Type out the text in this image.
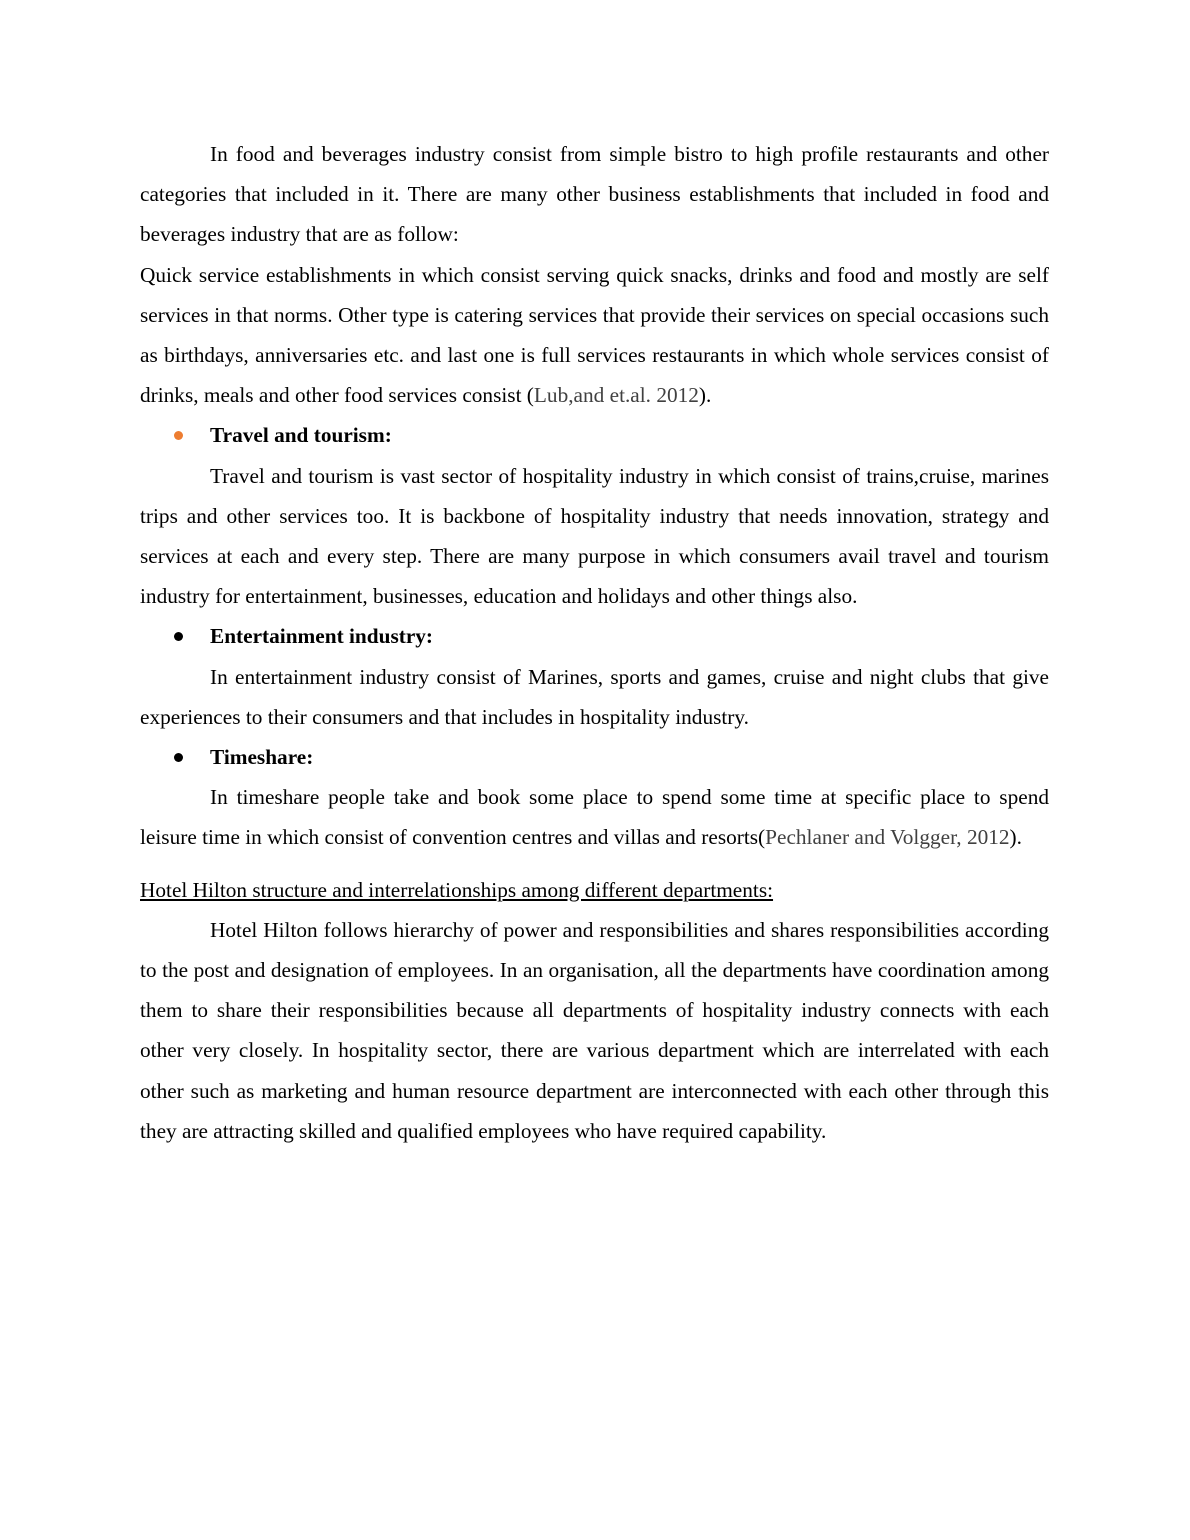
In food and beverages industry consist from simple bistro to high profile restaurants and other categories that included in it. There are many other business establishments that included in food and beverages industry that are as follow:

Quick service establishments in which consist serving quick snacks, drinks and food and mostly are self services in that norms. Other type is catering services that provide their services on special occasions such as birthdays, anniversaries etc. and last one is full services restaurants in which whole services consist of drinks, meals and other food services consist (Lub,and et.al. 2012).

Travel and tourism:

Travel and tourism is vast sector of hospitality industry in which consist of trains,cruise, marines trips and other services too. It is backbone of hospitality industry that needs innovation, strategy and services at each and every step. There are many purpose in which consumers avail travel and tourism industry for entertainment, businesses, education and holidays and other things also.

Entertainment industry:

In entertainment industry consist of Marines, sports and games, cruise and night clubs that give experiences to their consumers and that includes in hospitality industry.

Timeshare:

In timeshare people take and book some place to spend some time at specific place to spend leisure time in which consist of convention centres and villas and resorts(Pechlaner and Volgger, 2012).

Hotel Hilton structure and interrelationships among different departments:

Hotel Hilton follows hierarchy of power and responsibilities and shares responsibilities according to the post and designation of employees. In an organisation, all the departments have coordination among them to share their responsibilities because all departments of hospitality industry connects with each other very closely. In hospitality sector, there are various department which are interrelated with each other such as marketing and human resource department are interconnected with each other through this they are attracting skilled and qualified employees who have required capability.
